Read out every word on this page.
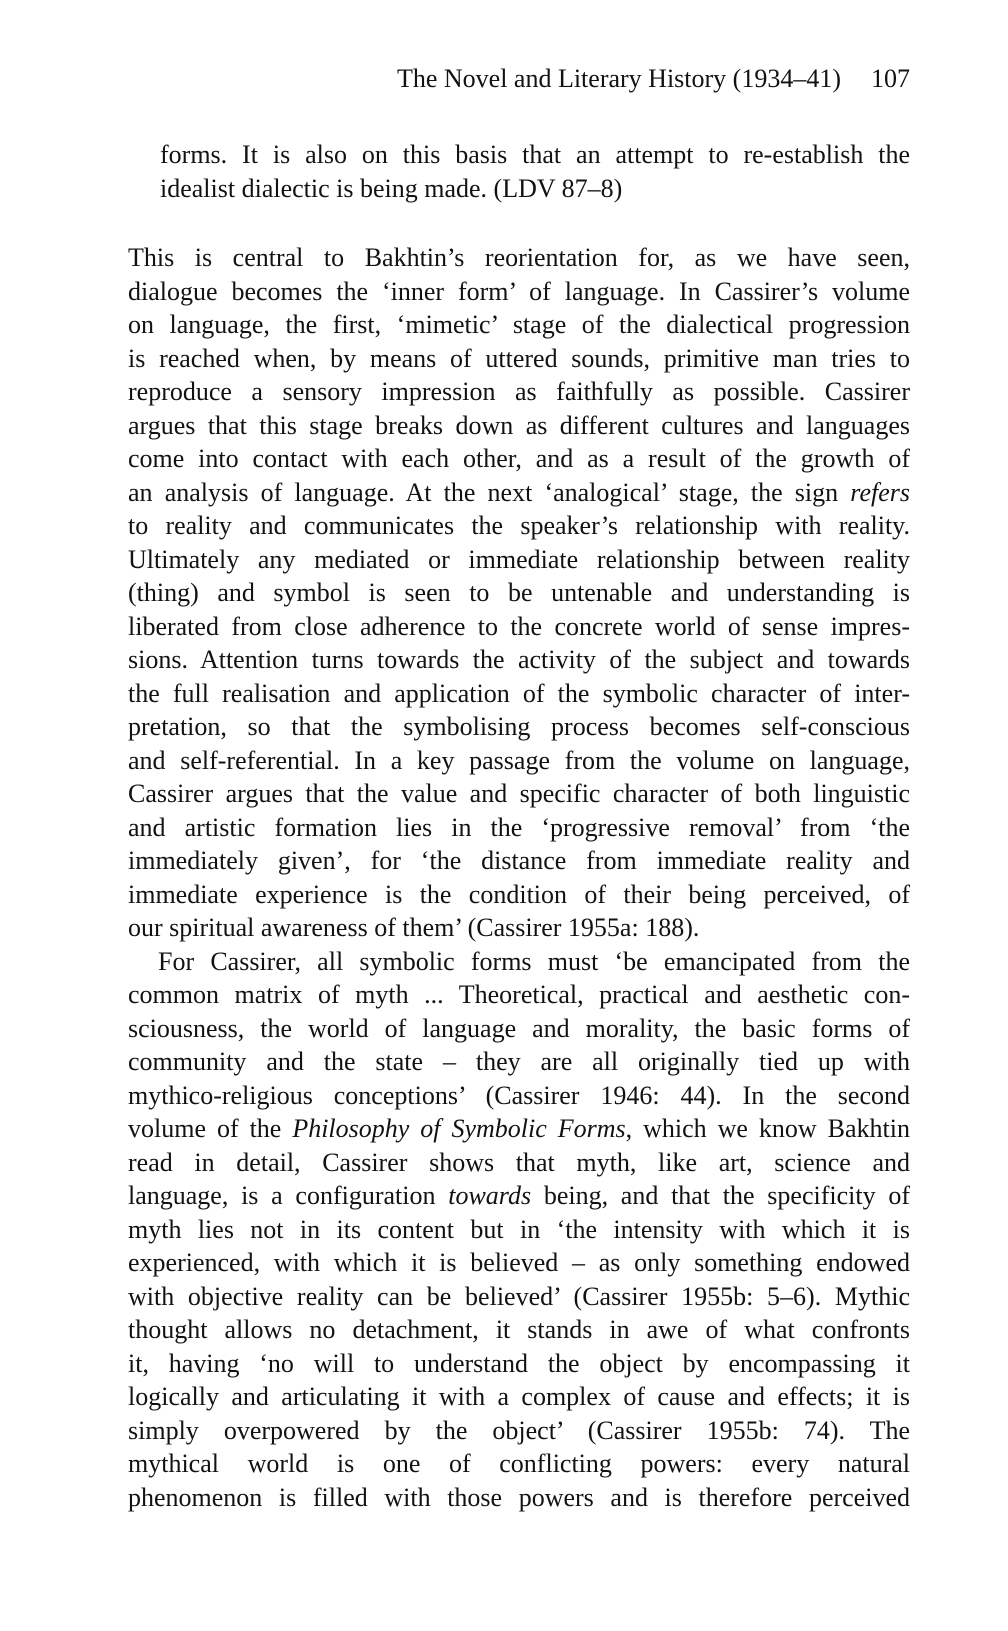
The Novel and Literary History (1934–41) 107
forms. It is also on this basis that an attempt to re-establish the
idealist dialectic is being made. (LDV 87–8)
This is central to Bakhtin’s reorientation for, as we have seen,
dialogue becomes the ‘inner form’ of language. In Cassirer’s volume
on language, the first, ‘mimetic’ stage of the dialectical progression
is reached when, by means of uttered sounds, primitive man tries to
reproduce a sensory impression as faithfully as possible. Cassirer
argues that this stage breaks down as different cultures and languages
come into contact with each other, and as a result of the growth of
an analysis of language. At the next ‘analogical’ stage, the sign refers
to reality and communicates the speaker’s relationship with reality.
Ultimately any mediated or immediate relationship between reality
(thing) and symbol is seen to be untenable and understanding is
liberated from close adherence to the concrete world of sense impres-
sions. Attention turns towards the activity of the subject and towards
the full realisation and application of the symbolic character of inter-
pretation, so that the symbolising process becomes self-conscious
and self-referential. In a key passage from the volume on language,
Cassirer argues that the value and specific character of both linguistic
and artistic formation lies in the ‘progressive removal’ from ‘the
immediately given’, for ‘the distance from immediate reality and
immediate experience is the condition of their being perceived, of
our spiritual awareness of them’ (Cassirer 1955a: 188).
For Cassirer, all symbolic forms must ‘be emancipated from the
common matrix of myth ... Theoretical, practical and aesthetic con-
sciousness, the world of language and morality, the basic forms of
community and the state – they are all originally tied up with
mythico-religious conceptions’ (Cassirer 1946: 44). In the second
volume of the Philosophy of Symbolic Forms, which we know Bakhtin
read in detail, Cassirer shows that myth, like art, science and
language, is a configuration towards being, and that the specificity of
myth lies not in its content but in ‘the intensity with which it is
experienced, with which it is believed – as only something endowed
with objective reality can be believed’ (Cassirer 1955b: 5–6). Mythic
thought allows no detachment, it stands in awe of what confronts
it, having ‘no will to understand the object by encompassing it
logically and articulating it with a complex of cause and effects; it is
simply overpowered by the object’ (Cassirer 1955b: 74). The
mythical world is one of conflicting powers: every natural
phenomenon is filled with those powers and is therefore perceived
